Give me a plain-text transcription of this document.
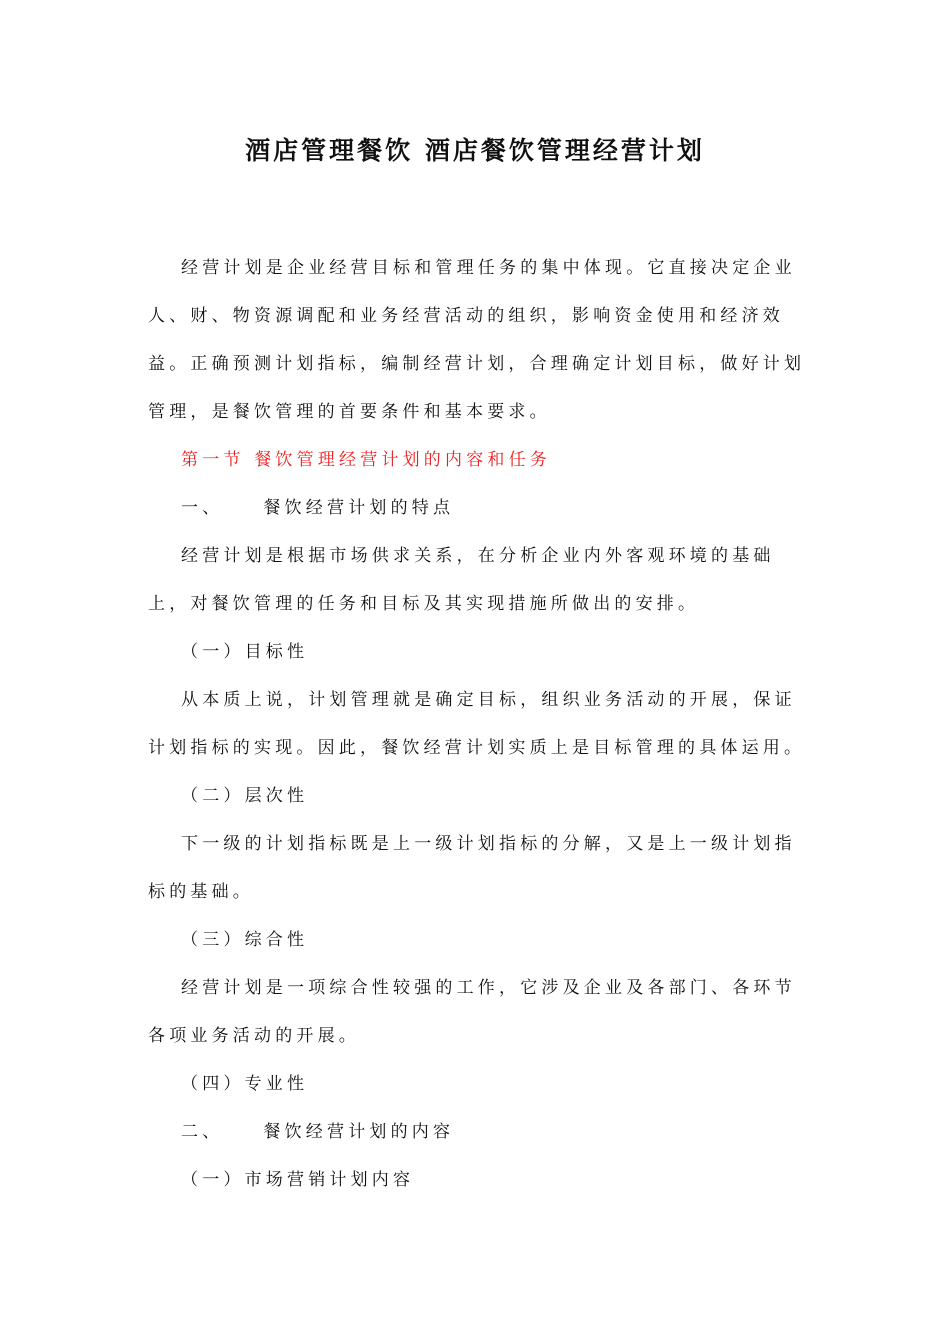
酒店管理餐饮 酒店餐饮管理经营计划

经营计划是企业经营目标和管理任务的集中体现。它直接决定企业人、财、物资源调配和业务经营活动的组织，影响资金使用和经济效益。正确预测计划指标，编制经营计划，合理确定计划目标，做好计划管理，是餐饮管理的首要条件和基本要求。

第一节 餐饮管理经营计划的内容和任务

一、 餐饮经营计划的特点

经营计划是根据市场供求关系，在分析企业内外客观环境的基础上，对餐饮管理的任务和目标及其实现措施所做出的安排。

（一）目标性

从本质上说，计划管理就是确定目标，组织业务活动的开展，保证计划指标的实现。因此，餐饮经营计划实质上是目标管理的具体运用。

（二）层次性

下一级的计划指标既是上一级计划指标的分解，又是上一级计划指标的基础。

（三）综合性

经营计划是一项综合性较强的工作，它涉及企业及各部门、各环节各项业务活动的开展。

（四）专业性

二、 餐饮经营计划的内容

（一）市场营销计划内容
